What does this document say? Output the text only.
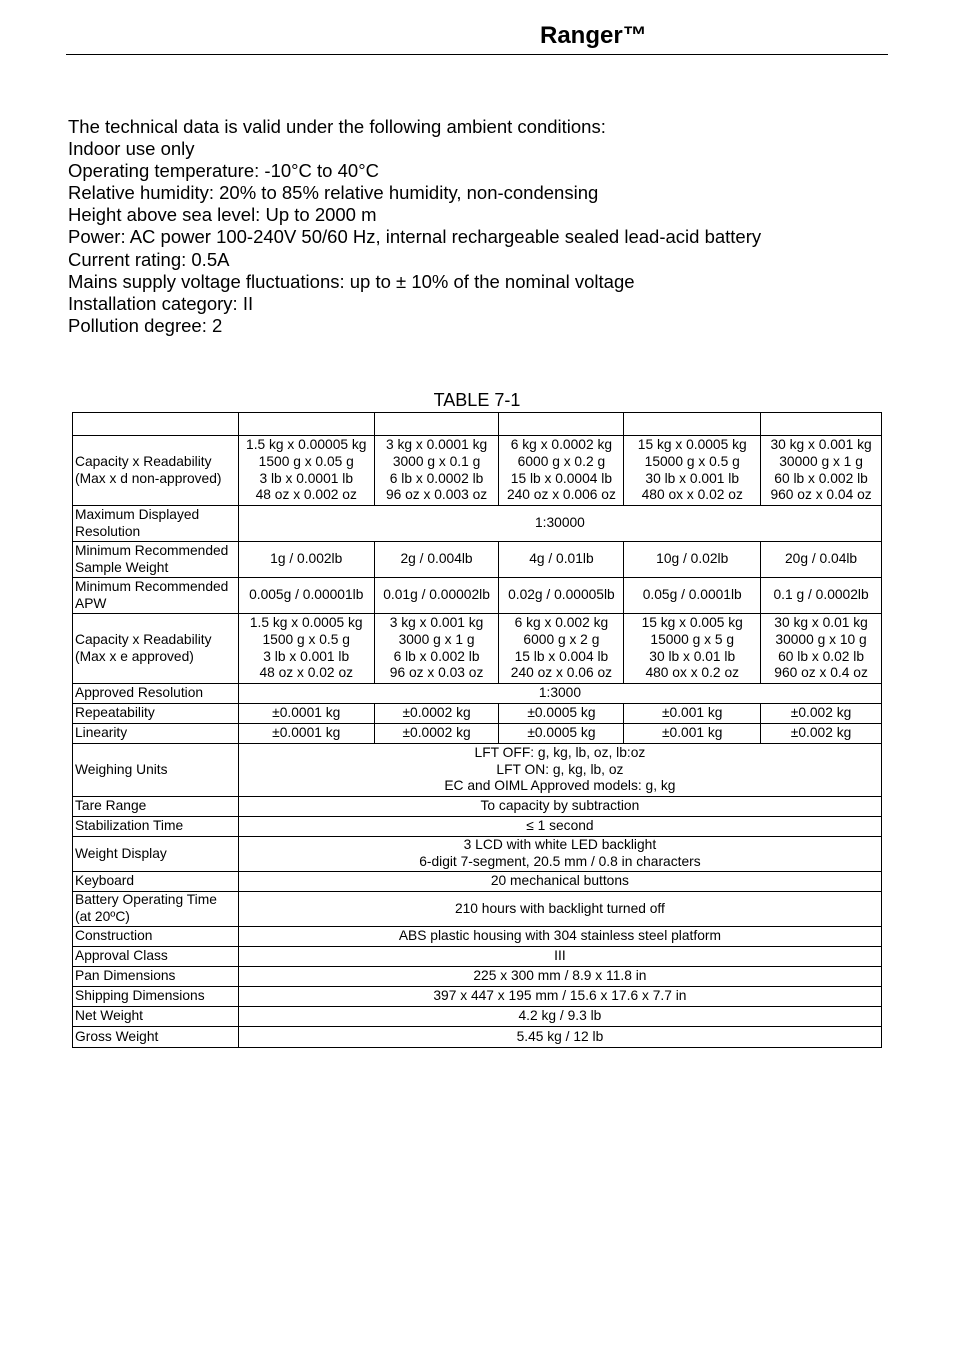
Ranger™
The technical data is valid under the following ambient conditions:
Indoor use only
Operating temperature: -10°C to 40°C
Relative humidity: 20% to 85% relative humidity, non-condensing
Height above sea level: Up to 2000 m
Power: AC power 100-240V 50/60 Hz, internal rechargeable sealed lead-acid battery
Current rating: 0.5A
Mains supply voltage fluctuations: up to ± 10% of the nominal voltage
Installation category: II
Pollution degree: 2
TABLE 7-1

Capacity x Readability (Max x d non-approved)	1.5 kg x 0.00005 kg
1500 g x 0.05 g
3 lb x 0.0001 lb
48 oz x 0.002 oz	3 kg x 0.0001 kg
3000 g x 0.1 g
6 lb x 0.0002 lb
96 oz x 0.003 oz	6 kg x 0.0002 kg
6000 g x 0.2 g
15 lb x 0.0004 lb
240 oz x 0.006 oz	15 kg x 0.0005 kg
15000 g x 0.5 g
30 lb x 0.001 lb
480 ox x 0.02 oz	30 kg x 0.001 kg
30000 g x 1 g
60 lb x 0.002 lb
960 oz x 0.04 oz

Maximum Displayed Resolution	1:30000				
Minimum Recommended Sample Weight	1g / 0.002lb	2g / 0.004lb	4g / 0.01lb	10g / 0.02lb	20g / 0.04lb
Minimum Recommended APW	0.005g / 0.00001lb	0.01g / 0.00002lb	0.02g / 0.00005lb	0.05g / 0.0001lb	0.1 g / 0.0002lb
Capacity x Readability (Max x e approved)	1.5 kg x 0.0005 kg
1500 g x 0.5 g
3 lb x 0.001 lb
48 oz x 0.02 oz	3 kg x 0.001 kg
3000 g x 1 g
6 lb x 0.002 lb
96 oz x 0.03 oz	6 kg x 0.002 kg
6000 g x 2 g
15 lb x 0.004 lb
240 oz x 0.06 oz	15 kg x 0.005 kg
15000 g x 5 g
30 lb x 0.01 lb
480 ox x 0.2 oz	30 kg x 0.01 kg
30000 g x 10 g
60 lb x 0.02 lb
960 oz x 0.4 oz

Approved Resolution	1:3000				
Repeatability	±0.0001 kg	±0.0002 kg	±0.0005 kg	±0.001 kg	±0.002 kg
Linearity	±0.0001 kg	±0.0002 kg	±0.0005 kg	±0.001 kg	±0.002 kg
Weighing Units	LFT OFF: g, kg, lb, oz, lb:oz
LFT ON: g, kg, lb, oz
EC and OIML Approved models: g, kg				

Tare Range	To capacity by subtraction				
Stabilization Time	≤ 1 second				
Weight Display	3 LCD with white LED backlight
6-digit 7-segment, 20.5 mm / 0.8 in characters				

Keyboard	20 mechanical buttons				
Battery Operating Time (at 20ºC)	210 hours with backlight turned off				
Construction	ABS plastic housing with 304 stainless steel platform				
Approval Class	III				
Pan Dimensions	225 x 300 mm / 8.9 x 11.8 in				
Shipping Dimensions	397 x 447 x 195 mm / 15.6 x 17.6 x 7.7 in				
Net Weight	4.2 kg / 9.3 lb				
Gross Weight	5.45 kg / 12 lb				
